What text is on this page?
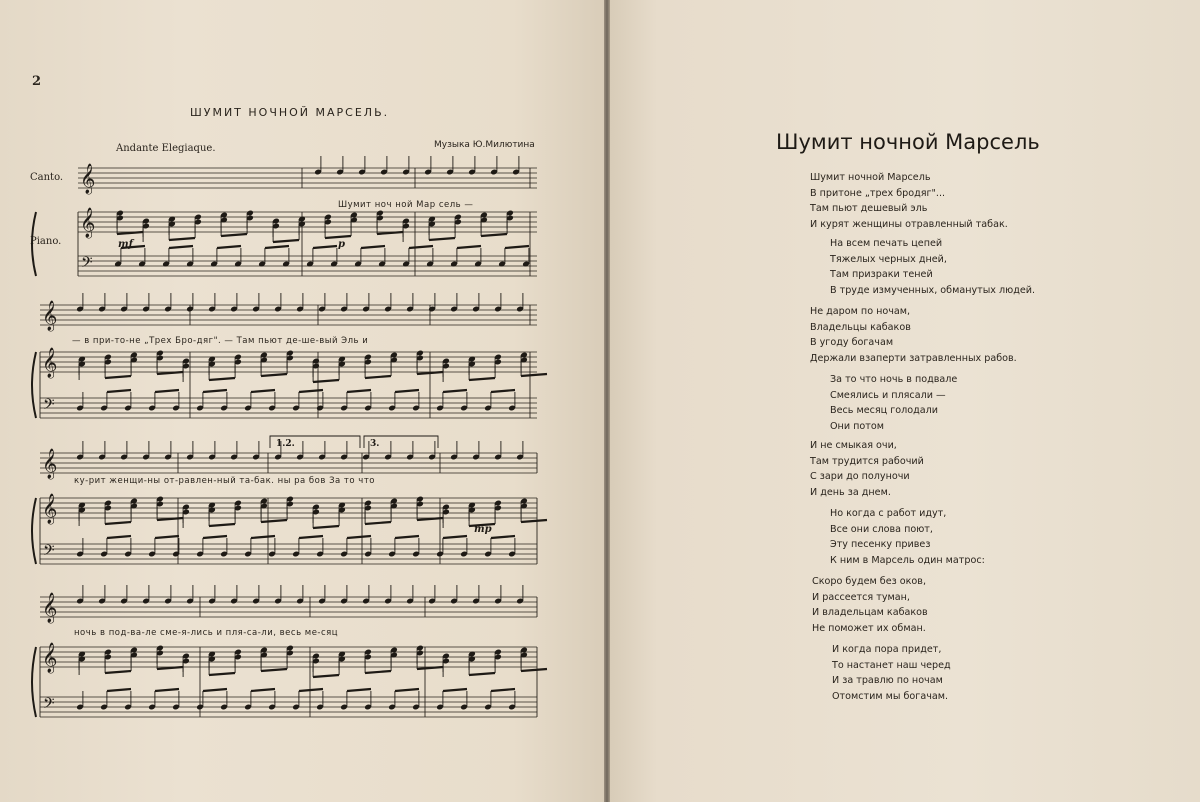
2
ШУМИТ НОЧНОЙ МАРСЕЛЬ.
Andante Elegiaque.	Музыка Ю.Милютина
Canto.
Piano.
𝄞
𝄞
𝄢
𝄞
𝄞
𝄢
𝄞
𝄞
𝄢
𝄞
𝄞
𝄢
mf	p
mp
1.2.	3.
Шумит ноч ной Мар сель —
— в при-то-не „Трех Бро-дяг". — Там пьют де-ше-вый Эль и
ку-рит женщи-ны от-равлен-ный та-бак. ны ра бов За то что
ночь в под-ва-ле сме-я-лись и пля-са-ли, весь ме-сяц
Шумит ночной Марсель
Шумит ночной Марсель
В притоне „трех бродяг"...
Там пьют дешевый эль
И курят женщины отравленный табак.
На всем печать цепей
Тяжелых черных дней,
Там призраки теней
В труде измученных, обманутых людей.
Не даром по ночам,
Владельцы кабаков
В угоду богачам
Держали взаперти затравленных рабов.
За то что ночь в подвале
Смеялись и плясали —
Весь месяц голодали
Они потом
И не смыкая очи,
Там трудится рабочий
С зари до полуночи
И день за днем.
Но когда с работ идут,
Все они слова поют,
Эту песенку привез
К ним в Марсель один матрос:
Скоро будем без оков,
И рассеется туман,
И владельцам кабаков
Не поможет их обман.
И когда пора придет,
То настанет наш черед
И за травлю по ночам
Отомстим мы богачам.
